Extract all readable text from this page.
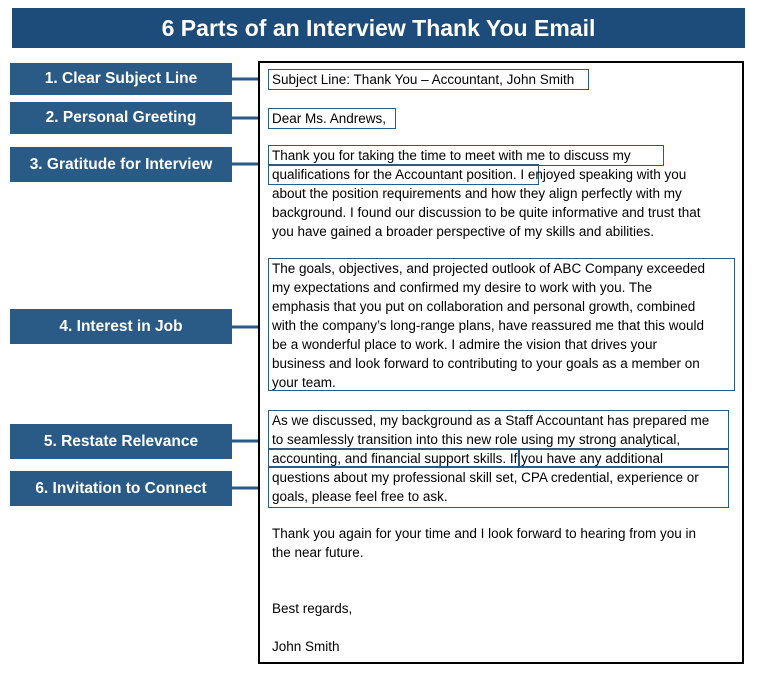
6 Parts of an Interview Thank You Email
1. Clear Subject Line
2. Personal Greeting
3. Gratitude for Interview
4. Interest in Job
5. Restate Relevance
6. Invitation to Connect

Subject Line: Thank You – Accountant, John Smith

Dear Ms. Andrews,

Thank you for taking the time to meet with me to discuss my

qualifications for the Accountant position. I enjoyed speaking with you

about the position requirements and how they align perfectly with my

background. I found our discussion to be quite informative and trust that

you have gained a broader perspective of my skills and abilities.

The goals, objectives, and projected outlook of ABC Company exceeded

my expectations and confirmed my desire to work with you. The

emphasis that you put on collaboration and personal growth, combined

with the company’s long-range plans, have reassured me that this would

be a wonderful place to work. I admire the vision that drives your

business and look forward to contributing to your goals as a member on

your team.

As we discussed, my background as a Staff Accountant has prepared me

to seamlessly transition into this new role using my strong analytical,

accounting, and financial support skills. If you have any additional

questions about my professional skill set, CPA credential, experience or

goals, please feel free to ask.

Thank you again for your time and I look forward to hearing from you in

the near future.

Best regards,

John Smith
